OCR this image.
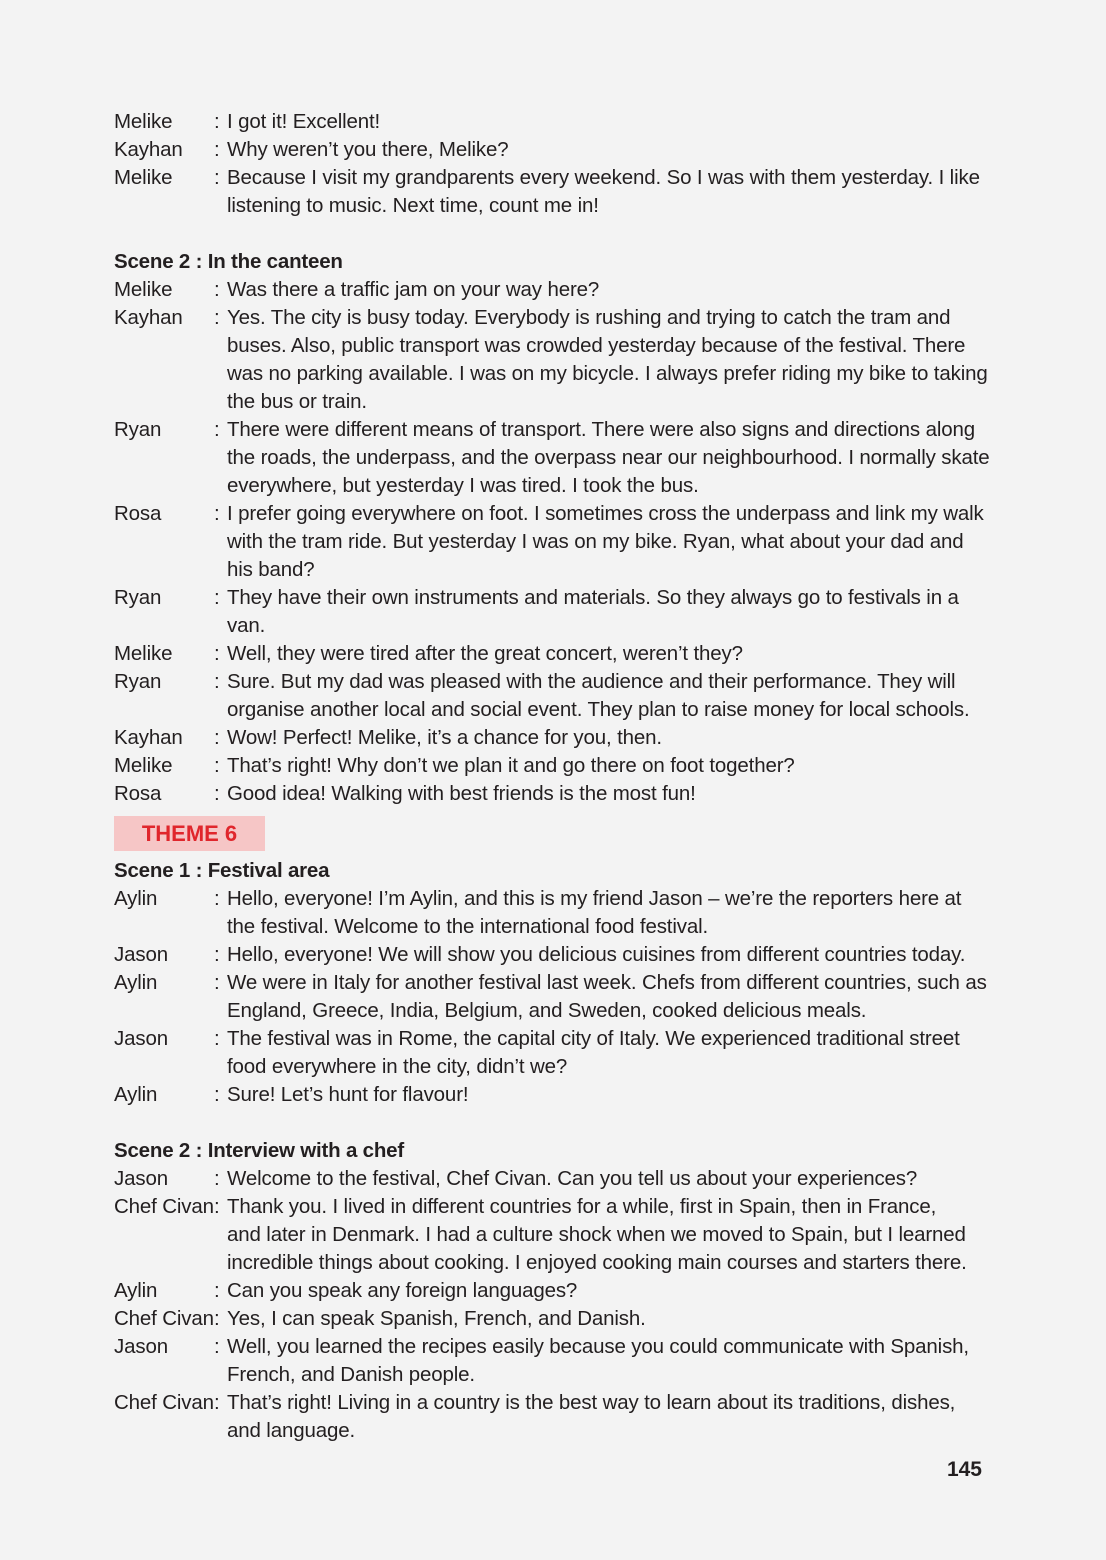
Melike	: I got it! Excellent!
Kayhan	: Why weren’t you there, Melike?
Melike	: Because I visit my grandparents every weekend. So I was with them yesterday. I like
listening to music. Next time, count me in!
Scene 2 : In the canteen
Melike	: Was there a traffic jam on your way here?
Kayhan	: Yes. The city is busy today. Everybody is rushing and trying to catch the tram and
buses. Also, public transport was crowded yesterday because of the festival. There
was no parking available. I was on my bicycle. I always prefer riding my bike to taking
the bus or train.
Ryan	: There were different means of transport. There were also signs and directions along
the roads, the underpass, and the overpass near our neighbourhood. I normally skate
everywhere, but yesterday I was tired. I took the bus.
Rosa	: I prefer going everywhere on foot. I sometimes cross the underpass and link my walk
with the tram ride. But yesterday I was on my bike. Ryan, what about your dad and
his band?
Ryan	: They have their own instruments and materials. So they always go to festivals in a
van.
Melike	: Well, they were tired after the great concert, weren’t they?
Ryan	: Sure. But my dad was pleased with the audience and their performance. They will
organise another local and social event. They plan to raise money for local schools.
Kayhan	: Wow! Perfect! Melike, it’s a chance for you, then.
Melike	: That’s right! Why don’t we plan it and go there on foot together?
Rosa	: Good idea! Walking with best friends is the most fun!
THEME 6
Scene 1 : Festival area
Aylin	: Hello, everyone! I’m Aylin, and this is my friend Jason – we’re the reporters here at
the festival. Welcome to the international food festival.
Jason	: Hello, everyone! We will show you delicious cuisines from different countries today.
Aylin	: We were in Italy for another festival last week. Chefs from different countries, such as
England, Greece, India, Belgium, and Sweden, cooked delicious meals.
Jason	: The festival was in Rome, the capital city of Italy. We experienced traditional street
food everywhere in the city, didn’t we?
Aylin	: Sure! Let’s hunt for flavour!
Scene 2 : Interview with a chef
Jason	: Welcome to the festival, Chef Civan. Can you tell us about your experiences?
Chef Civan : Thank you. I lived in different countries for a while, first in Spain, then in France,
and later in Denmark. I had a culture shock when we moved to Spain, but I learned
incredible things about cooking. I enjoyed cooking main courses and starters there.
Aylin	: Can you speak any foreign languages?
Chef Civan : Yes, I can speak Spanish, French, and Danish.
Jason	: Well, you learned the recipes easily because you could communicate with Spanish,
French, and Danish people.
Chef Civan : That’s right! Living in a country is the best way to learn about its traditions, dishes,
and language.
145
